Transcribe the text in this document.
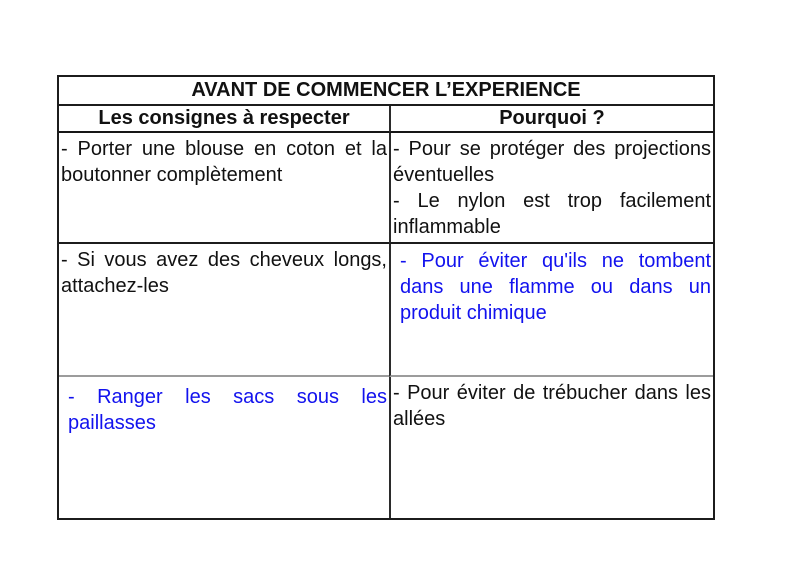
AVANT DE COMMENCER L’EXPERIENCE
Les consignes à respecter	Pourquoi ?
- Porter une blouse en coton et la
boutonner complètement
- Pour se protéger des projections
éventuelles
- Le nylon est trop facilement
inflammable
- Si vous avez des cheveux longs,
attachez-les
- Pour éviter qu'ils ne tombent
dans une flamme ou dans un
produit chimique
- Ranger les sacs sous les
paillasses
- Pour éviter de trébucher dans les
allées
